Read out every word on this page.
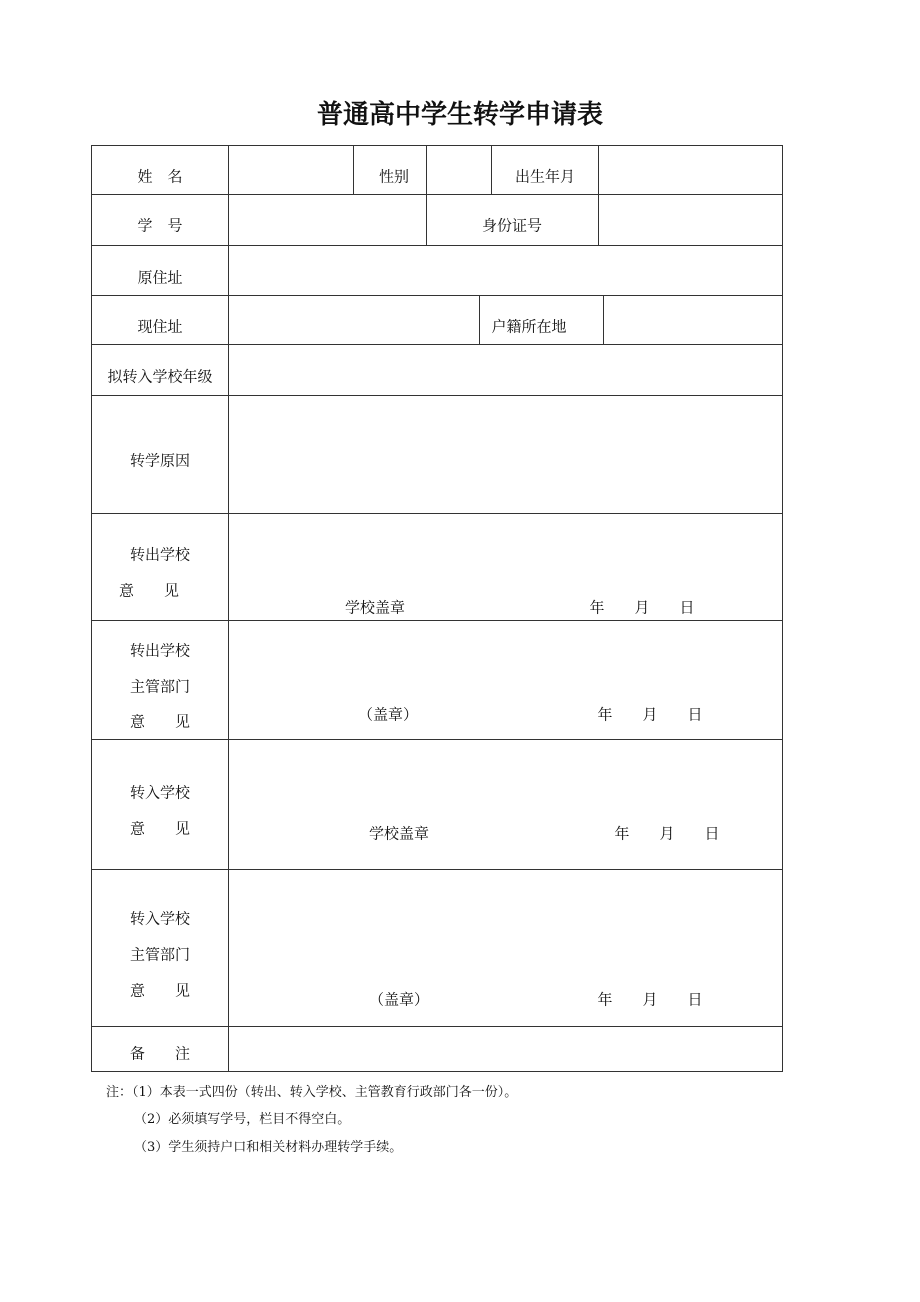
普通高中学生转学申请表
姓　名	性别	出生年月
学　号	身份证号
原住址
现住址	户籍所在地
拟转入学校年级
转学原因
转出学校
意　　见
学校盖章	年　　月　　日
转出学校
主管部门
意　　见	（盖章）	年　　月　　日
转入学校
意　　见	学校盖章	年　　月　　日
转入学校
主管部门
意　　见	（盖章）	年　　月　　日
备　　注
注：（1）本表一式四份（转出、转入学校、主管教育行政部门各一份）。
（2）必须填写学号，栏目不得空白。
（3）学生须持户口和相关材料办理转学手续。
